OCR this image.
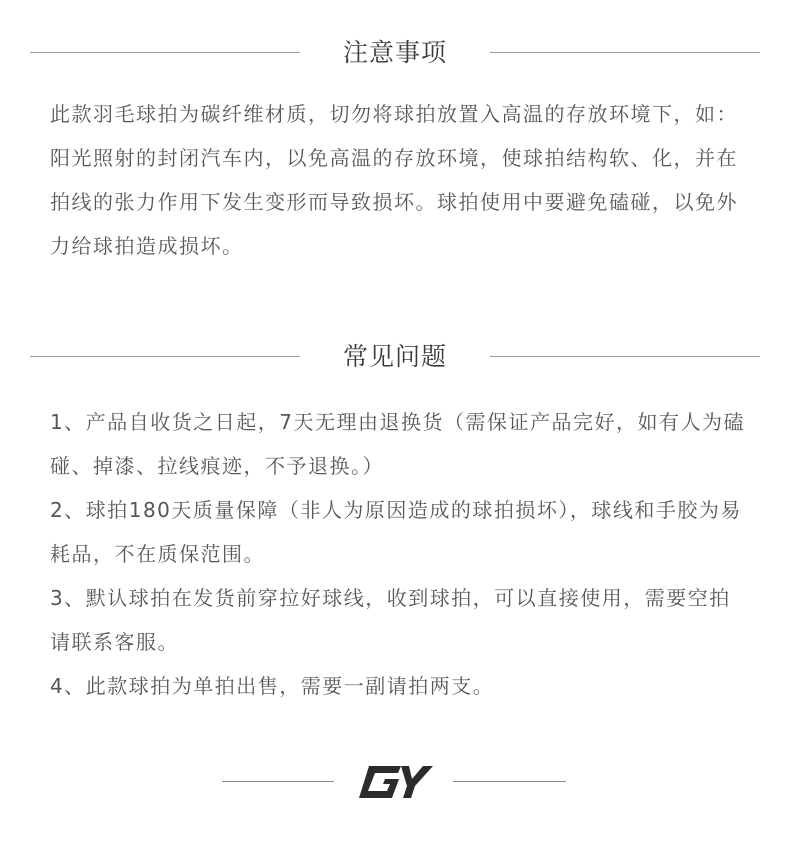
注意事项

此款羽毛球拍为碳纤维材质，切勿将球拍放置入高温的存放环境下，如：阳光照射的封闭汽车内，以免高温的存放环境，使球拍结构软、化，并在拍线的张力作用下发生变形而导致损坏。球拍使用中要避免磕碰，以免外力给球拍造成损坏。

常见问题
1、产品自收货之日起，7天无理由退换货（需保证产品完好，如有人为磕碰、掉漆、拉线痕迹，不予退换。）
2、球拍180天质量保障（非人为原因造成的球拍损坏），球线和手胶为易耗品，不在质保范围。
3、默认球拍在发货前穿拉好球线，收到球拍，可以直接使用，需要空拍请联系客服。
4、此款球拍为单拍出售，需要一副请拍两支。
